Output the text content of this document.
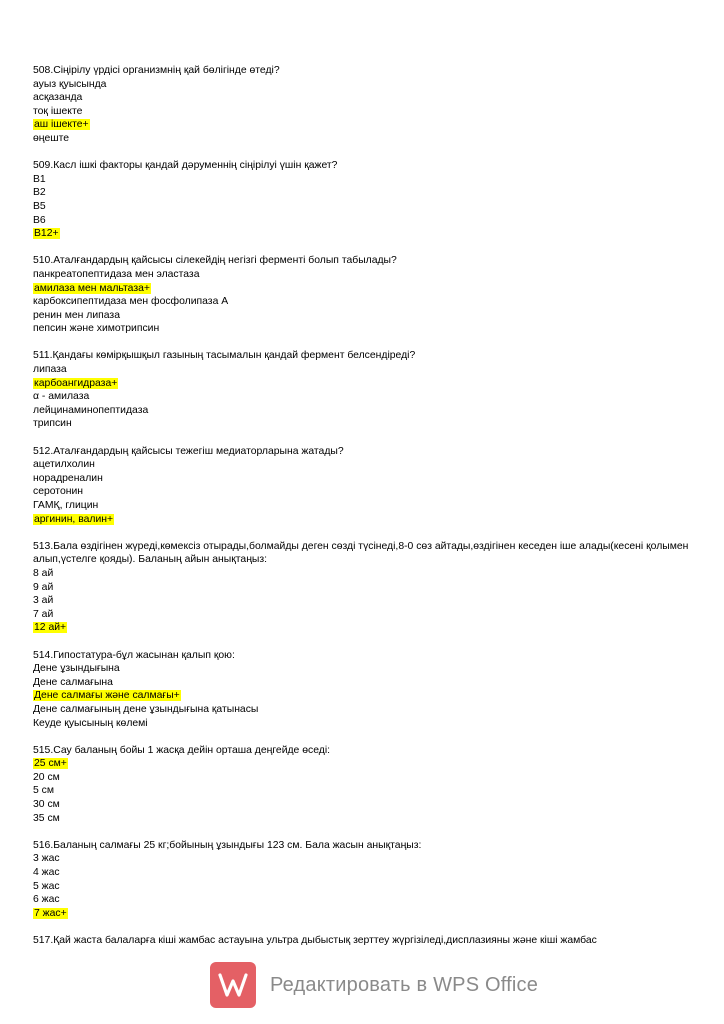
508.Сіңірілу үрдісі организмнің қай бөлігінде өтеді?
ауыз қуысында
асқазанда
тоқ ішекте
аш ішекте+
өңеште
509.Касл ішкі факторы қандай дәруменнің сіңірілуі үшін қажет?
B1
B2
B5
B6
B12+
510.Аталғандардың қайсысы сілекейдің негізгі ферменті болып табылады?
панкреатопептидаза мен эластаза
амилаза мен мальтаза+
карбоксипептидаза мен фосфолипаза А
ренин мен липаза
пепсин және химотрипсин
511.Қандағы көмірқышқыл газының тасымалын қандай фермент белсендіреді?
липаза
карбоангидраза+
α - амилаза
лейцинаминопептидаза
трипсин
512.Аталғандардың қайсысы тежегіш медиаторларына жатады?
ацетилхолин
норадреналин
серотонин
ГАМҚ, глицин
аргинин, валин+
513.Бала өздігінен жүреді,көмексіз отырады,болмайды деген сөзді түсінеді,8-0 сөз айтады,өздігінен кеседен іше алады(кесені қолымен алып,үстелге қояды). Баланың айын анықтаңыз:
8 ай
9 ай
3 ай
7 ай
12 ай+
514.Гипостатура-бұл жасынан қалып қою:
Дене ұзындығына
Дене салмағына
Дене салмағы және салмағы+
Дене салмағының дене ұзындығына қатынасы
Кеуде қуысының көлемі
515.Сау баланың бойы 1 жасқа дейін орташа деңгейде өседі:
25 см+
20 см
5 см
30 см
35 см
516.Баланың салмағы 25 кг;бойының ұзындығы 123 см. Бала жасын анықтаңыз:
3 жас
4 жас
5 жас
6 жас
7 жас+
517.Қай жаста балаларға кіші жамбас астауына ультра дыбыстық зерттеу жүргізіледі,дисплазияны және кіші жамбас
Редактировать в WPS Office
